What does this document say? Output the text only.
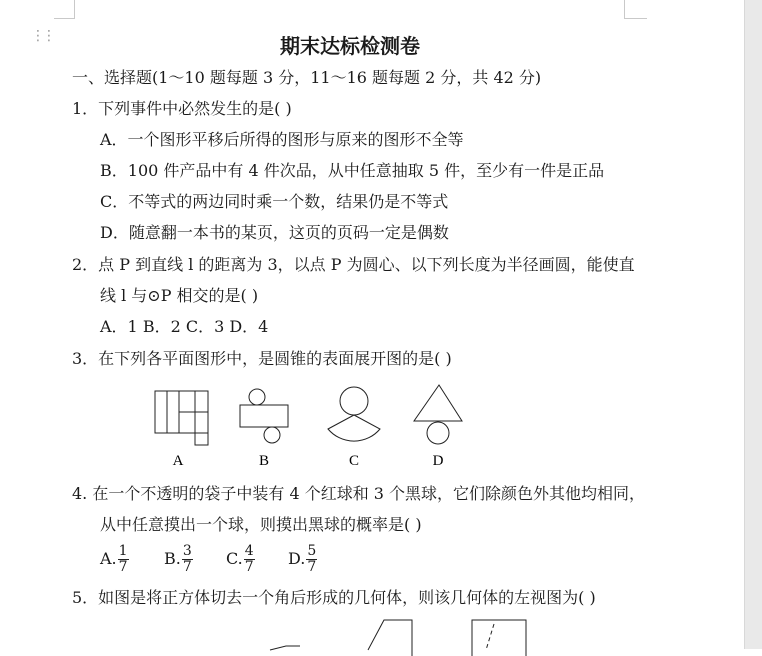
⋮⋮	期末达标检测卷
一、选择题(1～10 题每题 3 分，11～16 题每题 2 分，共 42 分)
1．下列事件中必然发生的是( )
A．一个图形平移后所得的图形与原来的图形不全等
B．100 件产品中有 4 件次品，从中任意抽取 5 件，至少有一件是正品
C．不等式的两边同时乘一个数，结果仍是不等式
D．随意翻一本书的某页，这页的页码一定是偶数
2．点 P 到直线 l 的距离为 3，以点 P 为圆心、以下列长度为半径画圆，能使直
线 l 与⊙P 相交的是( )
A．1 B．2 C．3 D．4
3．在下列各平面图形中，是圆锥的表面展开图的是( )
A	B	C	D
4. 在一个不透明的袋子中装有 4 个红球和 3 个黑球，它们除颜色外其他均相同，
从中任意摸出一个球，则摸出黑球的概率是( )
A. $\frac{1}{7} B$. $\frac{3}{7} C$. $\frac{4}{7} D$. $\frac{5}{7}$
5．如图是将正方体切去一个角后形成的几何体，则该几何体的左视图为( )
